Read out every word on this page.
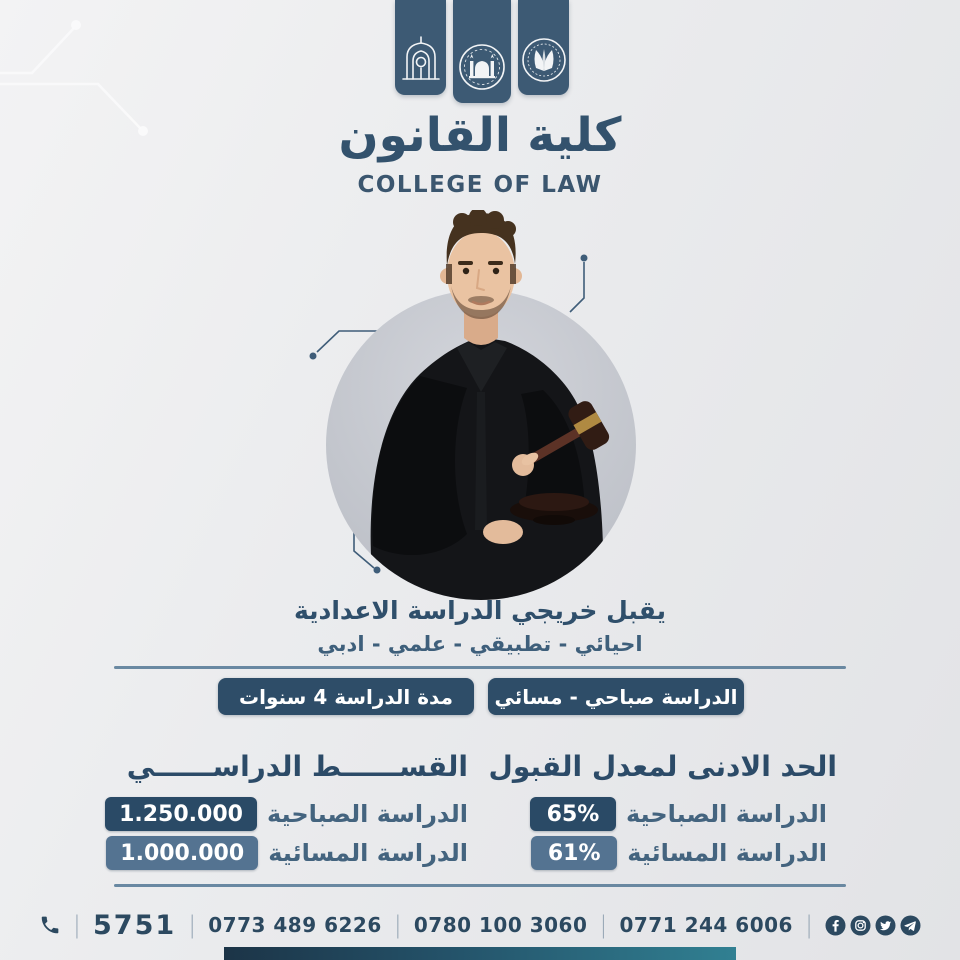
كلية القانون
COLLEGE OF LAW
يقبل خريجي الدراسة الاعدادية
احيائي - تطبيقي - علمي - ادبي
الدراسة صباحي - مسائي
مدة الدراسة 4 سنوات
الحد الادنى لمعدل القبول
الدراسة الصباحية
65%
الدراسة المسائية
61%
القســــــط الدراســــــي
الدراسة الصباحية
1.250.000
الدراسة المسائية
1.000.000
| 5751 | 0773 489 6226 | 0780 100 3060 | 0771 244 6006 |
